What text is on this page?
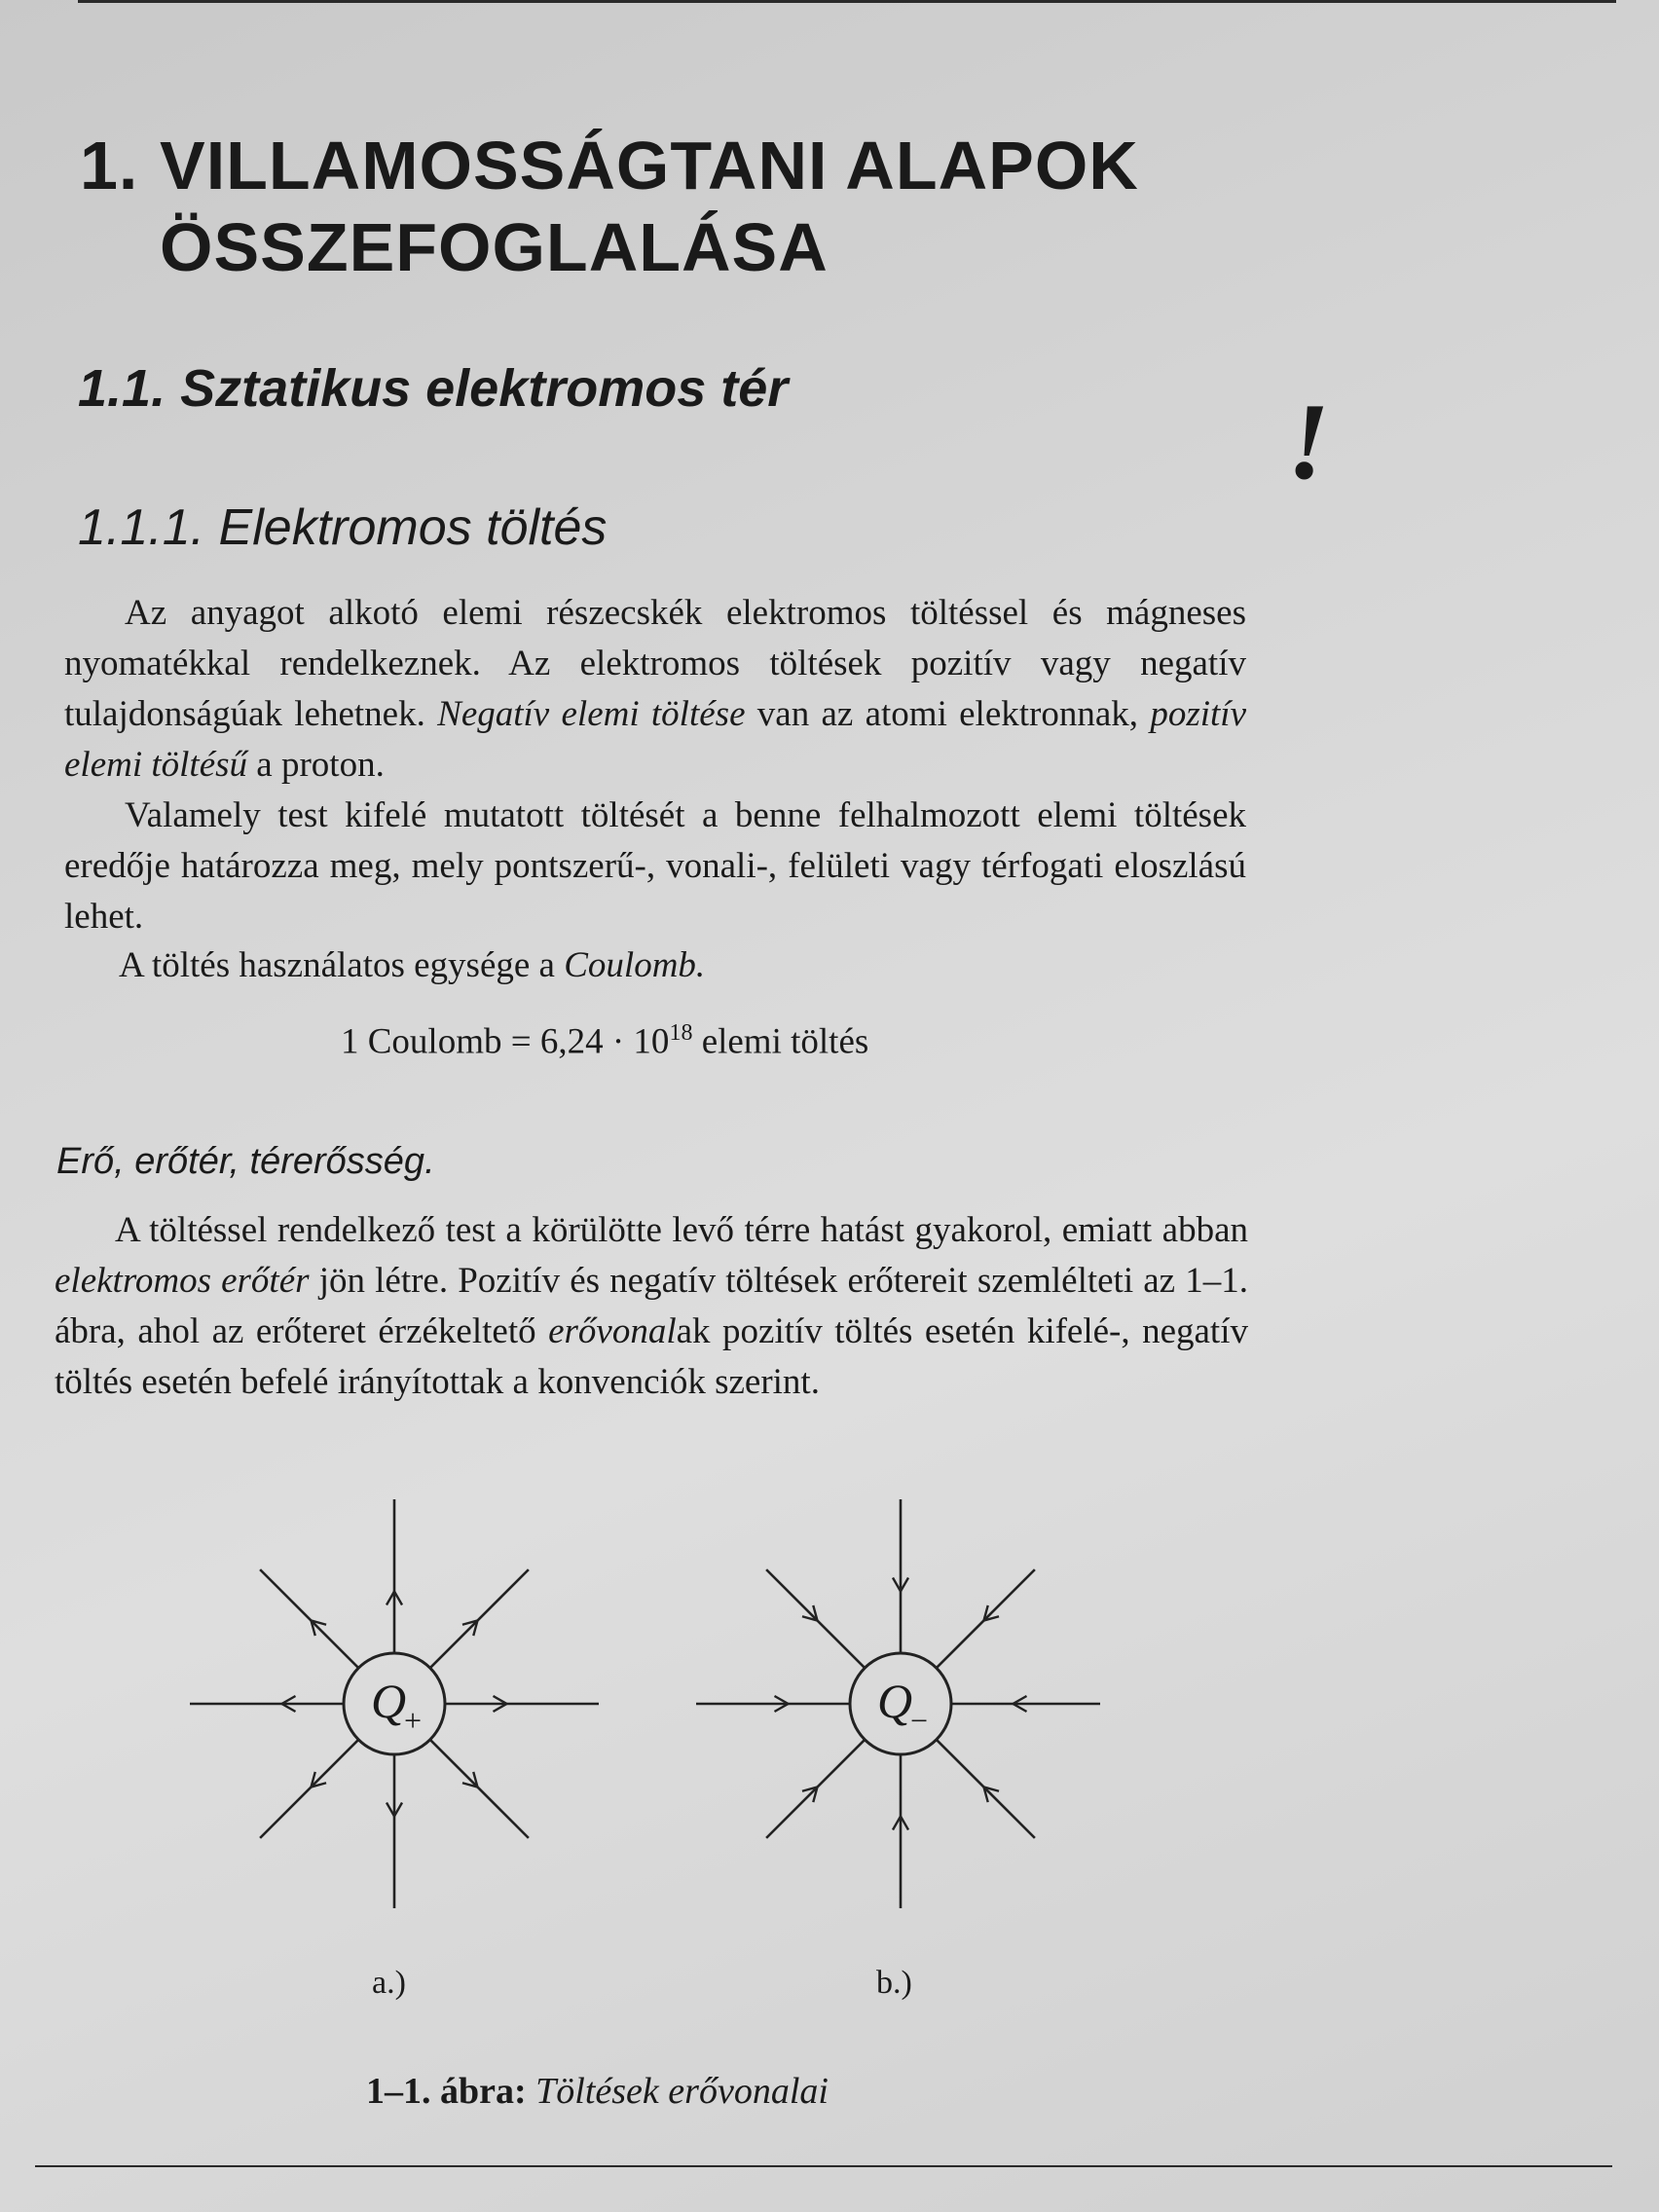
1. VILLAMOSSÁGTANI ALAPOK
ÖSSZEFOGLALÁSA
1.1. Sztatikus elektromos tér	!
1.1.1. Elektromos töltés

Az anyagot alkotó elemi részecskék elektromos töltéssel és mágneses nyomatékkal rendelkeznek. Az elektromos töltések pozitív vagy negatív tulajdonságúak lehetnek. Negatív elemi töltése van az atomi elektronnak, pozitív elemi töltésű a proton.

Valamely test kifelé mutatott töltését a benne felhalmozott elemi töltések eredője határozza meg, mely pontszerű-, vonali-, felületi vagy térfogati eloszlású lehet.

A töltés használatos egysége a Coulomb.

1 Coulomb = $6,24 \cdot 10^{18}$ elemi töltés

Erő, erőtér, térerősség.

A töltéssel rendelkező test a körülötte levő térre hatást gyakorol, emiatt abban elektromos erőtér jön létre. Pozitív és negatív töltések erőtereit szemlélteti az 1–1. ábra, ahol az erőteret érzékeltető erővonalak pozitív töltés esetén kifelé-, negatív töltés esetén befelé irányítottak a konvenciók szerint.

Q
+	Q
−
a.)	b.)

1–1. ábra: Töltések erővonalai
